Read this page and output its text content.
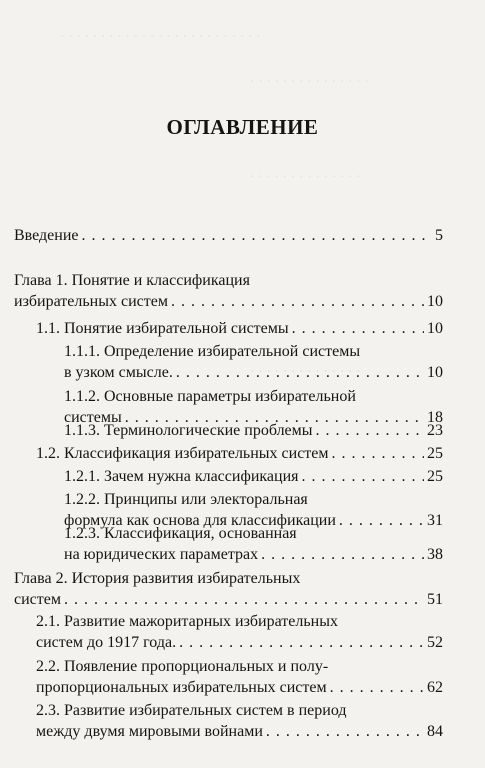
· · · · · · · · · · · · · · · · · · · · · · · · ·
· · · · · · · · · · · · · · ·
· · · · · · · · · · · · · ·
· · · · · · · · · · · · · ·
ОГЛАВЛЕНИЕ
Введение . . .	5
Глава 1. Понятие и классификация
избирательных систем . . .	10
1.1. Понятие избирательной системы . . .	10
1.1.1. Определение избирательной системы
в узком смысле. . . .	10
1.1.2. Основные параметры избирательной
системы . . .	18
1.1.3. Терминологические проблемы . . .	23
1.2. Классификация избирательных систем . . .	25
1.2.1. Зачем нужна классификация . . .	25
1.2.2. Принципы или электоральная
формула как основа для классификации . . .	31
1.2.3. Классификация, основанная
на юридических параметрах . . .	38
Глава 2. История развития избирательных
систем . . .	51
2.1. Развитие мажоритарных избирательных
систем до 1917 года. . . .	52
2.2. Появление пропорциональных и полу-
пропорциональных избирательных систем . . .	62
2.3. Развитие избирательных систем в период
между двумя мировыми войнами . . .	84
